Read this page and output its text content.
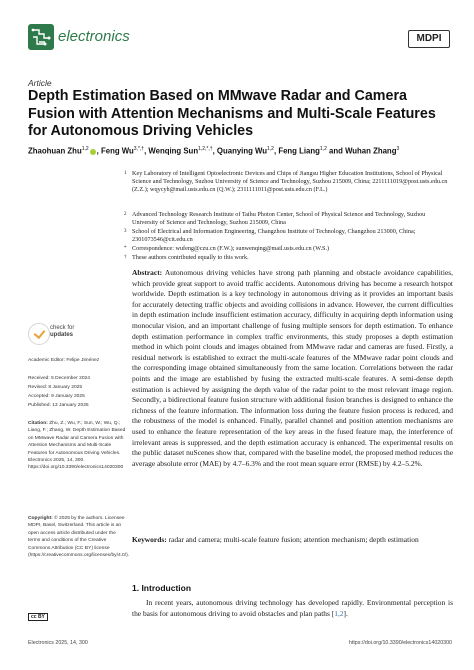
electronics	MDPI
Article
Depth Estimation Based on MMwave Radar and Camera Fusion with Attention Mechanisms and Multi-Scale Features for Autonomous Driving Vehicles
Zhaohuan Zhu$^{1,2}$ , Feng $Wu^{3,*,\dagger}$, Wenqing Sun$^{1,2,*,\dagger}$, Quanying Wu$^{1,2}$, Feng Liang$^{1,2}$ and Wuhan Zhang$^3$
1 Key Laboratory of Intelligent Optoelectronic Devices and Chips of Jiangsu Higher Education Institutions, School of Physical Science and Technology, Suzhou University of Science and Technology, Suzhou 215009, China; 2211111019@post.usts.edu.cn (Z.Z.); wqycyh@mail.usts.edu.cn (Q.W.); 2311111011@post.usts.edu.cn (F.L.)
2 Advanced Technology Research Institute of Taihu Photon Center, School of Physical Science and Technology, Suzhou University of Science and Technology, Suzhou 215009, China
3 School of Electrical and Information Engineering, Changzhou Institute of Technology, Changzhou 213000, China; 2301073546@cit.edu.cn
* Correspondence: wufeng@czu.cn (F.W.); sunwenqing@mail.usts.edu.cn (W.S.)
† These authors contributed equally to this work.
Abstract: Autonomous driving vehicles have strong path planning and obstacle avoidance capabilities, which provide great support to avoid traffic accidents. Autonomous driving has become a research hotspot worldwide. Depth estimation is a key technology in autonomous driving as it provides an important basis for accurately detecting traffic objects and avoiding collisions in advance. However, the current difficulties in depth estimation include insufficient estimation accuracy, difficulty in acquiring depth information using monocular vision, and an important challenge of fusing multiple sensors for depth estimation. To enhance depth estimation performance in complex traffic environments, this study proposes a depth estimation method in which point clouds and images obtained from MMwave radar and cameras are fused. Firstly, a residual network is established to extract the multi-scale features of the MMwave radar point clouds and the corresponding image obtained simultaneously from the same location. Correlations between the radar points and the image are established by fusing the extracted multi-scale features. A semi-dense depth estimation is achieved by assigning the depth value of the radar point to the most relevant image region. Secondly, a bidirectional feature fusion structure with additional fusion branches is designed to enhance the richness of the feature information. The information loss during the feature fusion process is reduced, and the robustness of the model is enhanced. Finally, parallel channel and position attention mechanisms are used to enhance the feature representation of the key areas in the fused feature map, the interference of irrelevant areas is suppressed, and the depth estimation accuracy is enhanced. The experimental results on the public dataset nuScenes show that, compared with the baseline model, the proposed method reduces the average absolute error (MAE) by 4.7–6.3% and the root mean square error (RMSE) by 4.2–5.2%.
Keywords: radar and camera; multi-scale feature fusion; attention mechanism; depth estimation
check for
updates
Academic Editor: Felipe Jiménez
Received: 5 December 2024
Revised: 8 January 2025
Accepted: 9 January 2025
Published: 13 January 2025
Citation: Zhu, Z.; Wu, F.; Sun, W.; Wu, Q.; Liang, F.; Zhang, W. Depth Estimation Based on MMwave Radar and Camera Fusion with Attention Mechanisms and Multi-Scale Features for Autonomous Driving Vehicles. Electronics 2025, 14, 300. https://doi.org/10.3390/electronics14020300
Copyright: © 2025 by the authors. Licensee MDPI, Basel, Switzerland. This article is an open access article distributed under the terms and conditions of the Creative Commons Attribution (CC BY) license (https://creativecommons.org/licenses/by/4.0/).
cc BY
1. Introduction
In recent years, autonomous driving technology has developed rapidly. Environmental perception is the basis for autonomous driving to avoid obstacles and plan paths [1,2].
Electronics 2025, 14, 300	https://doi.org/10.3390/electronics14020300
